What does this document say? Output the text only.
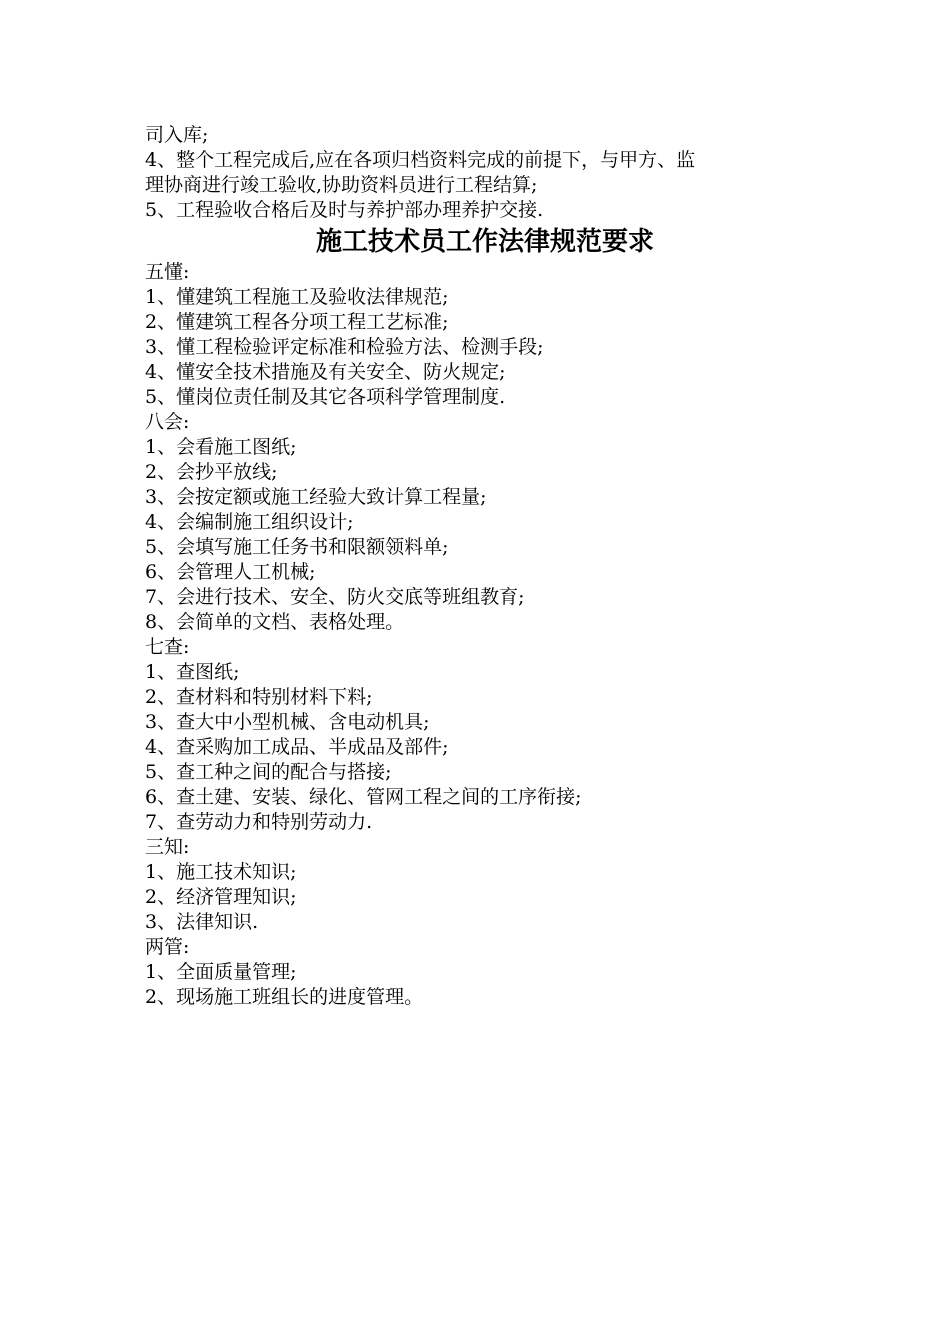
司入库;

4、整个工程完成后,应在各项归档资料完成的前提下，与甲方、监

理协商进行竣工验收,协助资料员进行工程结算;

5、工程验收合格后及时与养护部办理养护交接.

施工技术员工作法律规范要求

五懂:

1、懂建筑工程施工及验收法律规范;

2、懂建筑工程各分项工程工艺标准;

3、懂工程检验评定标准和检验方法、检测手段;

4、懂安全技术措施及有关安全、防火规定;

5、懂岗位责任制及其它各项科学管理制度.

八会:

1、会看施工图纸;

2、会抄平放线;

3、会按定额或施工经验大致计算工程量;

4、会编制施工组织设计;

5、会填写施工任务书和限额领料单;

6、会管理人工机械;

7、会进行技术、安全、防火交底等班组教育;

8、会简单的文档、表格处理。

七查:

1、查图纸;

2、查材料和特别材料下料;

3、查大中小型机械、含电动机具;

4、查采购加工成品、半成品及部件;

5、查工种之间的配合与搭接;

6、查土建、安装、绿化、管网工程之间的工序衔接;

7、查劳动力和特别劳动力.

三知:

1、施工技术知识;

2、经济管理知识;

3、法律知识.

两管:

1、全面质量管理;

2、现场施工班组长的进度管理。
